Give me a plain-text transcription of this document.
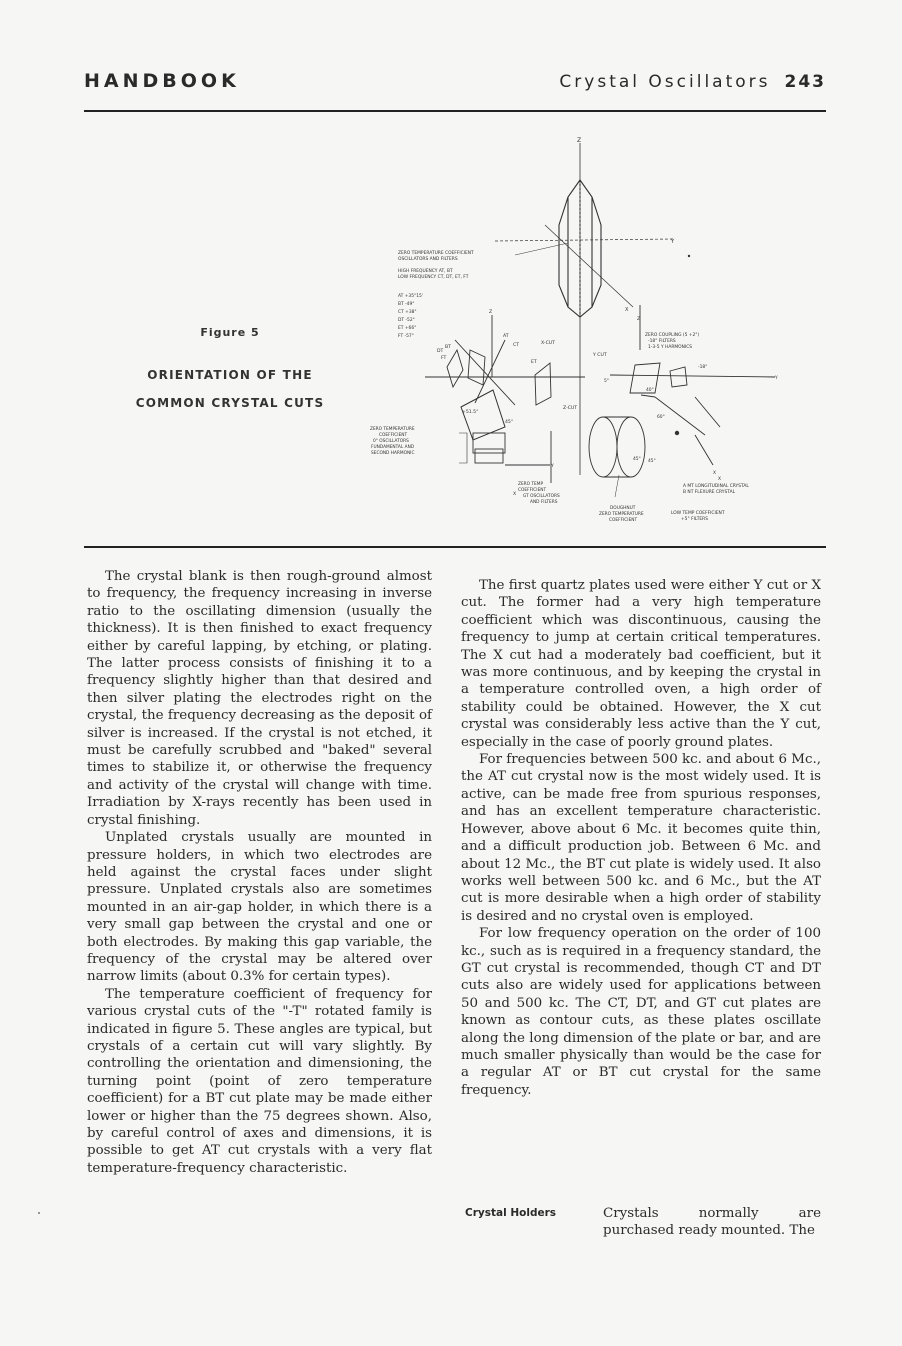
HANDBOOK	Crystal Oscillators 243
Figure 5
ORIENTATION OF THE
COMMON CRYSTAL CUTS
Z
Y
X
ZERO TEMPERATURE COEFFICIENT
OSCILLATORS AND FILTERS
HIGH FREQUENCY AT, BT
LOW FREQUENCY CT, DT, ET, FT
AT +35°15'
BT -49°
CT +38°
DT -52°
ET +66°
FT -57°
Z
BT
DT
FT
AT
CT
ET
X-CUT
Y CUT
Z-CUT
+51.5°
45°
Y
X
ZERO TEMPERATURE
COEFFICIENT
0° OSCILLATORS
FUNDAMENTAL AND
SECOND HARMONIC
ZERO TEMP
COEFFICIENT
GT OSCILLATORS
AND FILTERS
DOUGHNUT
ZERO TEMPERATURE
COEFFICIENT
Z
ZERO COUPLING (5 +2°)
-18° FILTERS
1-3-5 Y HARMONICS
-18°
Y
5°
40°
60°
45°
45°
X
X
A MT LONGITUDINAL CRYSTAL
B NT FLEXURE CRYSTAL
LOW TEMP COEFFICIENT
+5° FILTERS

The crystal blank is then rough-ground almost to frequency, the frequency increasing in inverse ratio to the oscillating dimension (usually the thickness). It is then finished to exact frequency either by careful lapping, by etching, or plating. The latter process consists of finishing it to a frequency slightly higher than that desired and then silver plating the electrodes right on the crystal, the frequency decreasing as the deposit of silver is increased. If the crystal is not etched, it must be carefully scrubbed and "baked" several times to stabilize it, or otherwise the frequency and activity of the crystal will change with time. Irradiation by X-rays recently has been used in crystal finishing.

Unplated crystals usually are mounted in pressure holders, in which two electrodes are held against the crystal faces under slight pressure. Unplated crystals also are sometimes mounted in an air-gap holder, in which there is a very small gap between the crystal and one or both electrodes. By making this gap variable, the frequency of the crystal may be altered over narrow limits (about 0.3% for certain types).

The temperature coefficient of frequency for various crystal cuts of the "-T" rotated family is indicated in figure 5. These angles are typical, but crystals of a certain cut will vary slightly. By controlling the orientation and dimensioning, the turning point (point of zero temperature coefficient) for a BT cut plate may be made either lower or higher than the 75 degrees shown. Also, by careful control of axes and dimensions, it is possible to get AT cut crystals with a very flat temperature-frequency characteristic.

The first quartz plates used were either Y cut or X cut. The former had a very high temperature coefficient which was discontinuous, causing the frequency to jump at certain critical temperatures. The X cut had a moderately bad coefficient, but it was more continuous, and by keeping the crystal in a temperature controlled oven, a high order of stability could be obtained. However, the X cut crystal was considerably less active than the Y cut, especially in the case of poorly ground plates.

For frequencies between 500 kc. and about 6 Mc., the AT cut crystal now is the most widely used. It is active, can be made free from spurious responses, and has an excellent temperature characteristic. However, above about 6 Mc. it becomes quite thin, and a difficult production job. Between 6 Mc. and about 12 Mc., the BT cut plate is widely used. It also works well between 500 kc. and 6 Mc., but the AT cut is more desirable when a high order of stability is desired and no crystal oven is employed.

For low frequency operation on the order of 100 kc., such as is required in a frequency standard, the GT cut crystal is recommended, though CT and DT cuts also are widely used for applications between 50 and 500 kc. The CT, DT, and GT cut plates are known as contour cuts, as these plates oscillate along the long dimension of the plate or bar, and are much smaller physically than would be the case for a regular AT or BT cut crystal for the same frequency.

Crystal Holders	Crystals normally are purchased ready mounted. The
